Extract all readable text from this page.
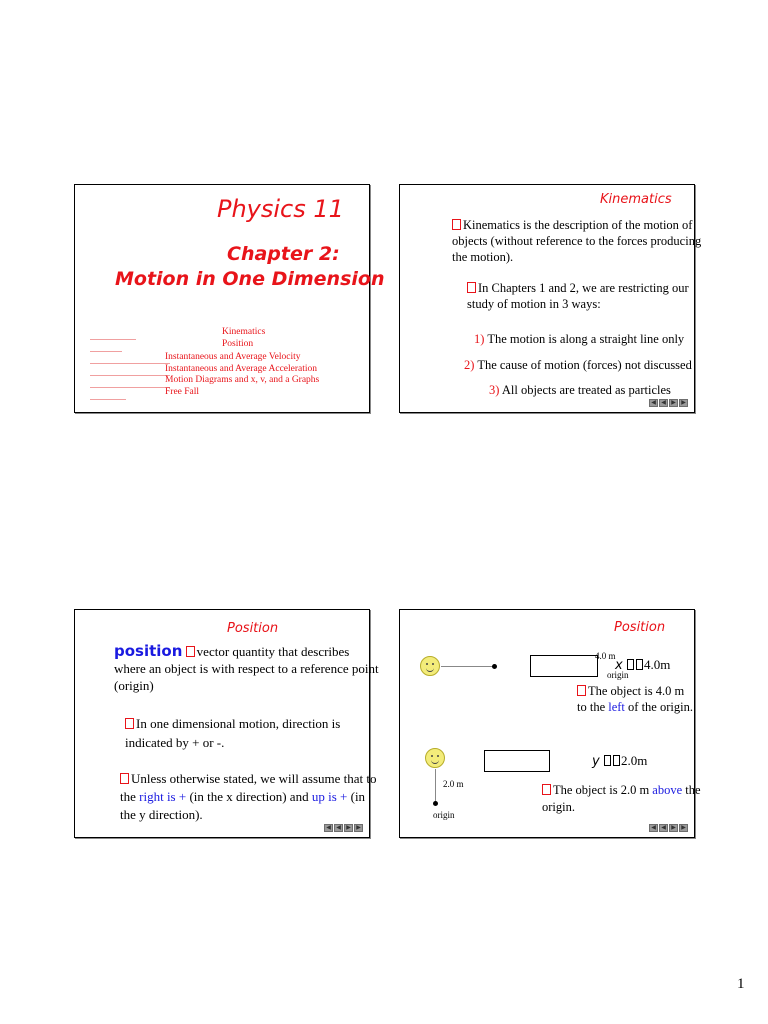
Physics 11
Chapter 2:
Motion in One Dimension
Kinematics
Position
Instantaneous and Average Velocity
Instantaneous and Average Acceleration
Motion Diagrams and x, v, and a Graphs
Free Fall
Kinematics
Kinematics is the description of the motion of objects (without reference to the forces producing the motion).
In Chapters 1 and 2, we are restricting our study of motion in 3 ways:
1) The motion is along a straight line only
2) The cause of motion (forces) not discussed
3) All objects are treated as particles
◀ ◀ ▶ ▶
Position
position vector quantity that describes where an object is with respect to a reference point (origin)
In one dimensional motion, direction is indicated by + or -.
Unless otherwise stated, we will assume that to the right is + (in the x direction) and up is + (in the y direction).
◀ ◀ ▶ ▶
Position
4.0 m
origin
x 4.0m
The object is 4.0 m to the left of the origin.
2.0 m
origin
y 2.0m
The object is 2.0 m above the origin.
◀ ◀ ▶ ▶
1
